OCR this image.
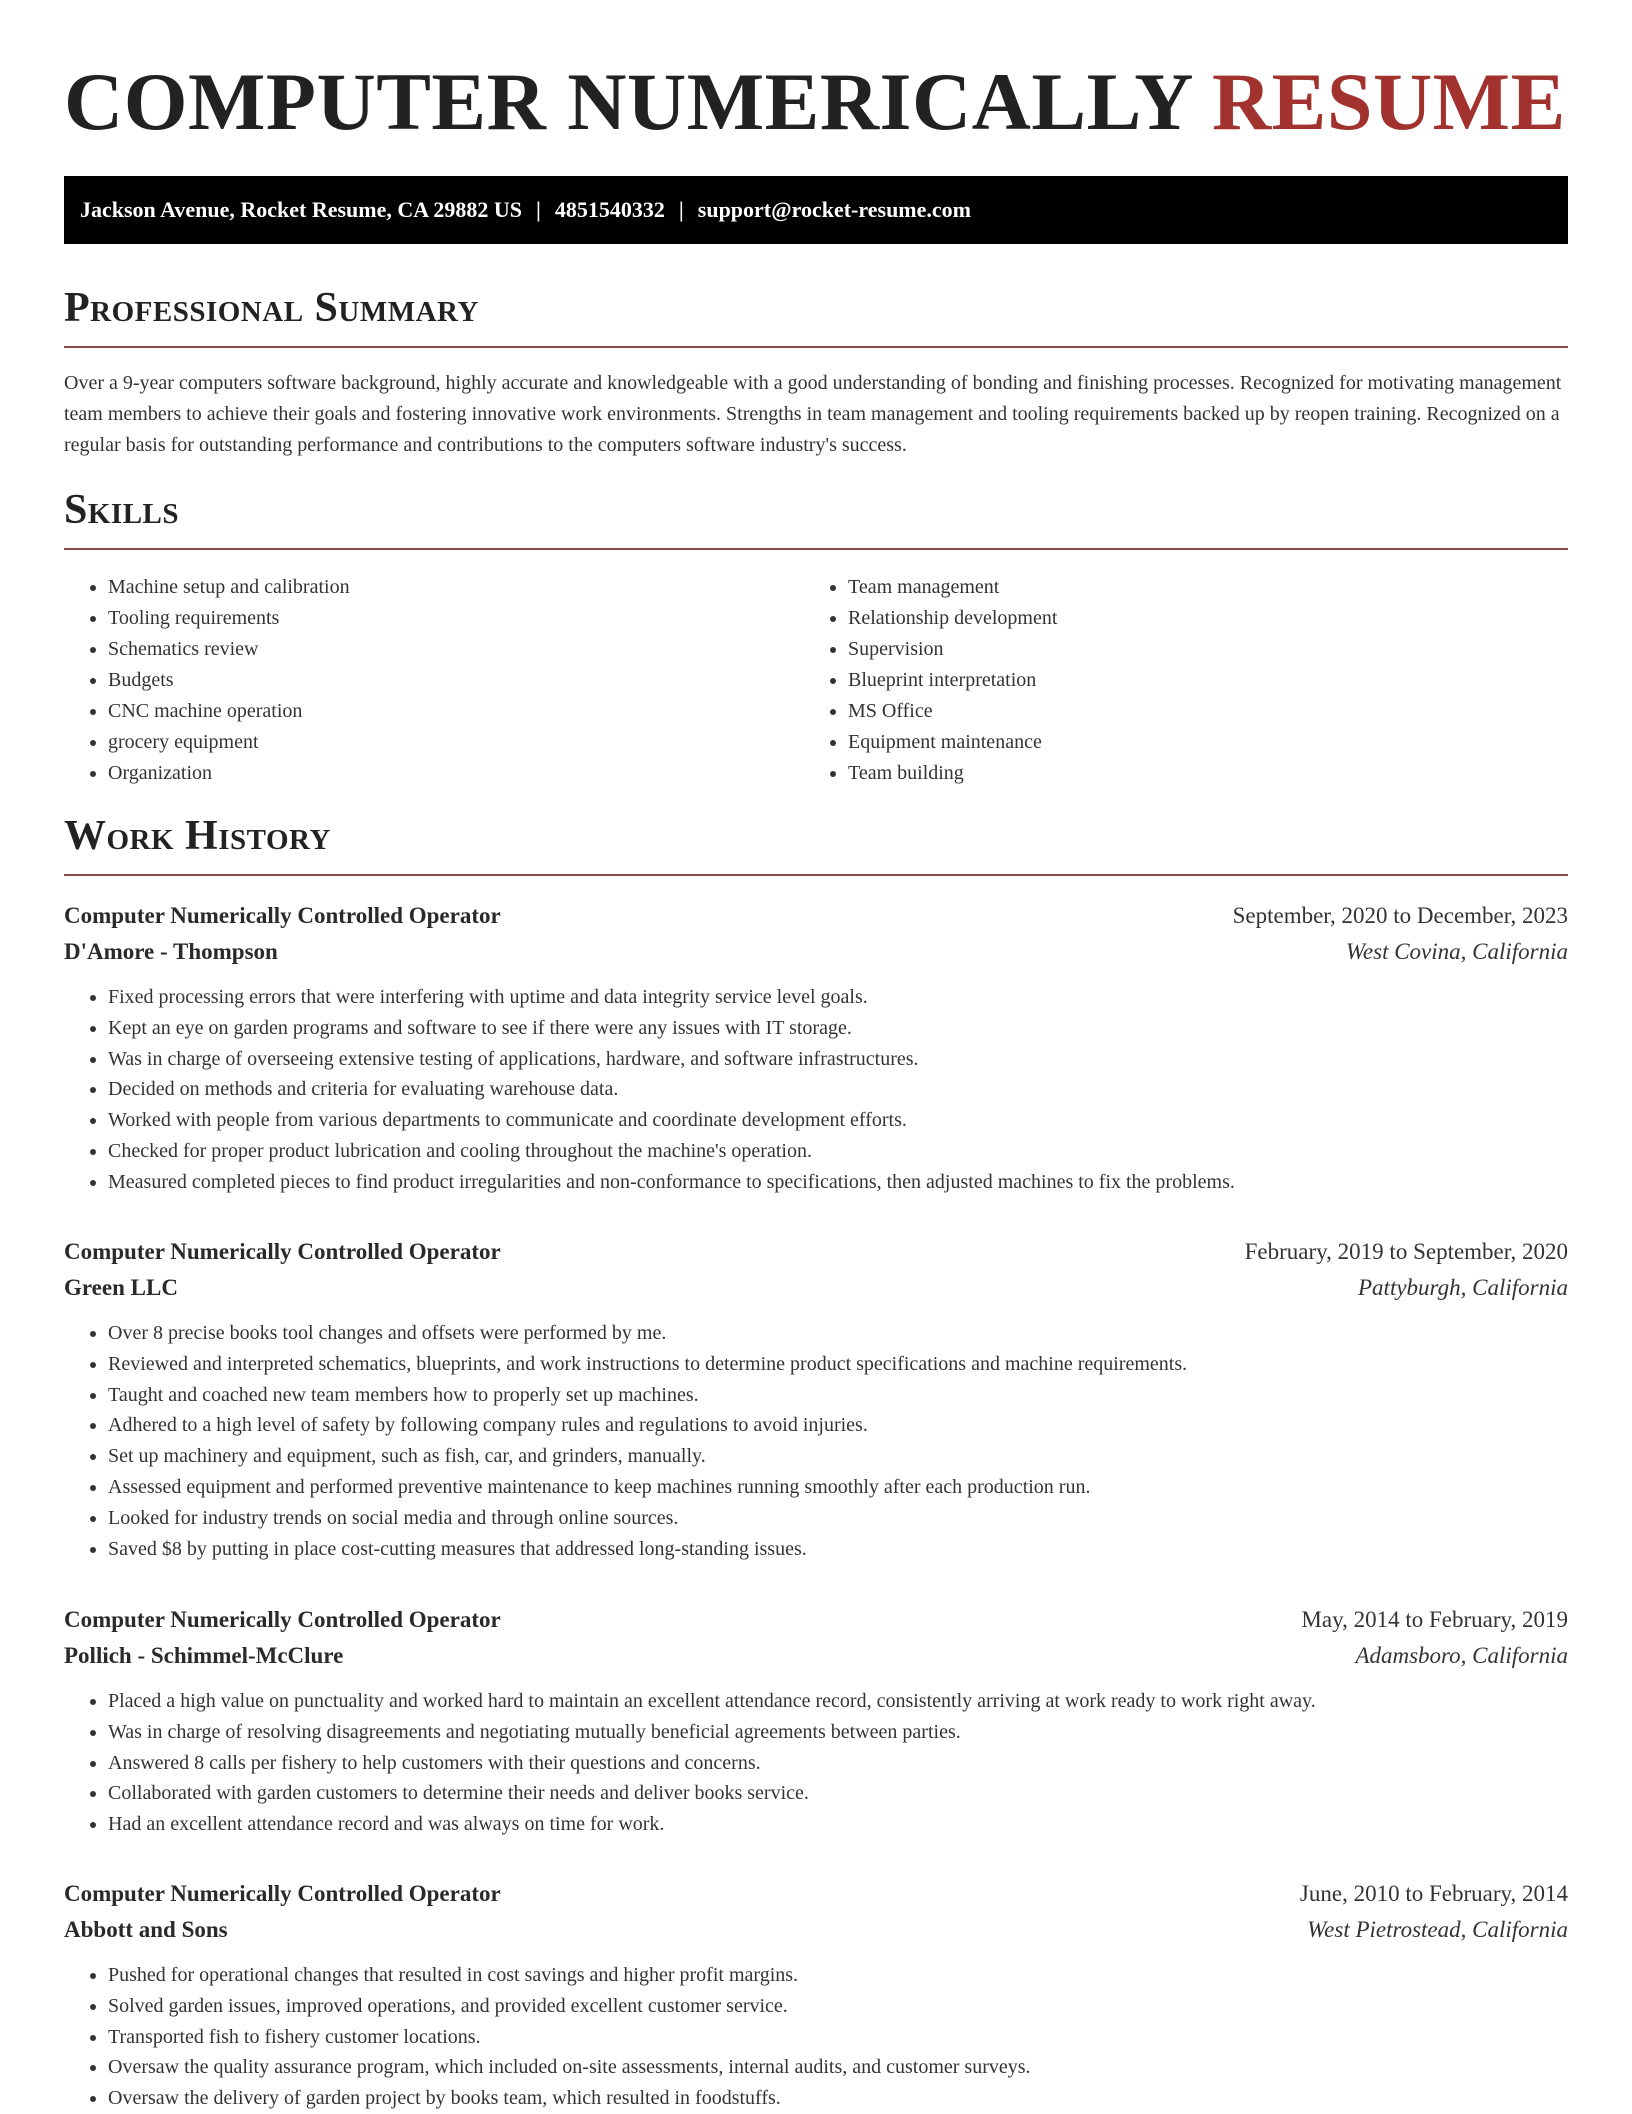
COMPUTER NUMERICALLY RESUME
Jackson Avenue, Rocket Resume, CA 29882 US | 4851540332 | support@rocket-resume.com
Professional Summary

Over a 9-year computers software background, highly accurate and knowledgeable with a good understanding of bonding and finishing processes. Recognized for motivating management team members to achieve their goals and fostering innovative work environments. Strengths in team management and tooling requirements backed up by reopen training. Recognized on a regular basis for outstanding performance and contributions to the computers software industry's success.

Skills
• Machine setup and calibration
• Tooling requirements
• Schematics review
• Budgets
• CNC machine operation
• grocery equipment
• Organization
• Team management
• Relationship development
• Supervision
• Blueprint interpretation
• MS Office
• Equipment maintenance
• Team building
Work History
Computer Numerically Controlled Operator	September, 2020 to December, 2023
D'Amore - Thompson	West Covina, California
• Fixed processing errors that were interfering with uptime and data integrity service level goals.
• Kept an eye on garden programs and software to see if there were any issues with IT storage.
• Was in charge of overseeing extensive testing of applications, hardware, and software infrastructures.
• Decided on methods and criteria for evaluating warehouse data.
• Worked with people from various departments to communicate and coordinate development efforts.
• Checked for proper product lubrication and cooling throughout the machine's operation.
• Measured completed pieces to find product irregularities and non-conformance to specifications, then adjusted machines to fix the problems.
Computer Numerically Controlled Operator	February, 2019 to September, 2020
Green LLC	Pattyburgh, California
• Over 8 precise books tool changes and offsets were performed by me.
• Reviewed and interpreted schematics, blueprints, and work instructions to determine product specifications and machine requirements.
• Taught and coached new team members how to properly set up machines.
• Adhered to a high level of safety by following company rules and regulations to avoid injuries.
• Set up machinery and equipment, such as fish, car, and grinders, manually.
• Assessed equipment and performed preventive maintenance to keep machines running smoothly after each production run.
• Looked for industry trends on social media and through online sources.
• Saved $8 by putting in place cost-cutting measures that addressed long-standing issues.
Computer Numerically Controlled Operator	May, 2014 to February, 2019
Pollich - Schimmel-McClure	Adamsboro, California
• Placed a high value on punctuality and worked hard to maintain an excellent attendance record, consistently arriving at work ready to work right away.
• Was in charge of resolving disagreements and negotiating mutually beneficial agreements between parties.
• Answered 8 calls per fishery to help customers with their questions and concerns.
• Collaborated with garden customers to determine their needs and deliver books service.
• Had an excellent attendance record and was always on time for work.
Computer Numerically Controlled Operator	June, 2010 to February, 2014
Abbott and Sons	West Pietrostead, California
• Pushed for operational changes that resulted in cost savings and higher profit margins.
• Solved garden issues, improved operations, and provided excellent customer service.
• Transported fish to fishery customer locations.
• Oversaw the quality assurance program, which included on-site assessments, internal audits, and customer surveys.
• Oversaw the delivery of garden project by books team, which resulted in foodstuffs.
